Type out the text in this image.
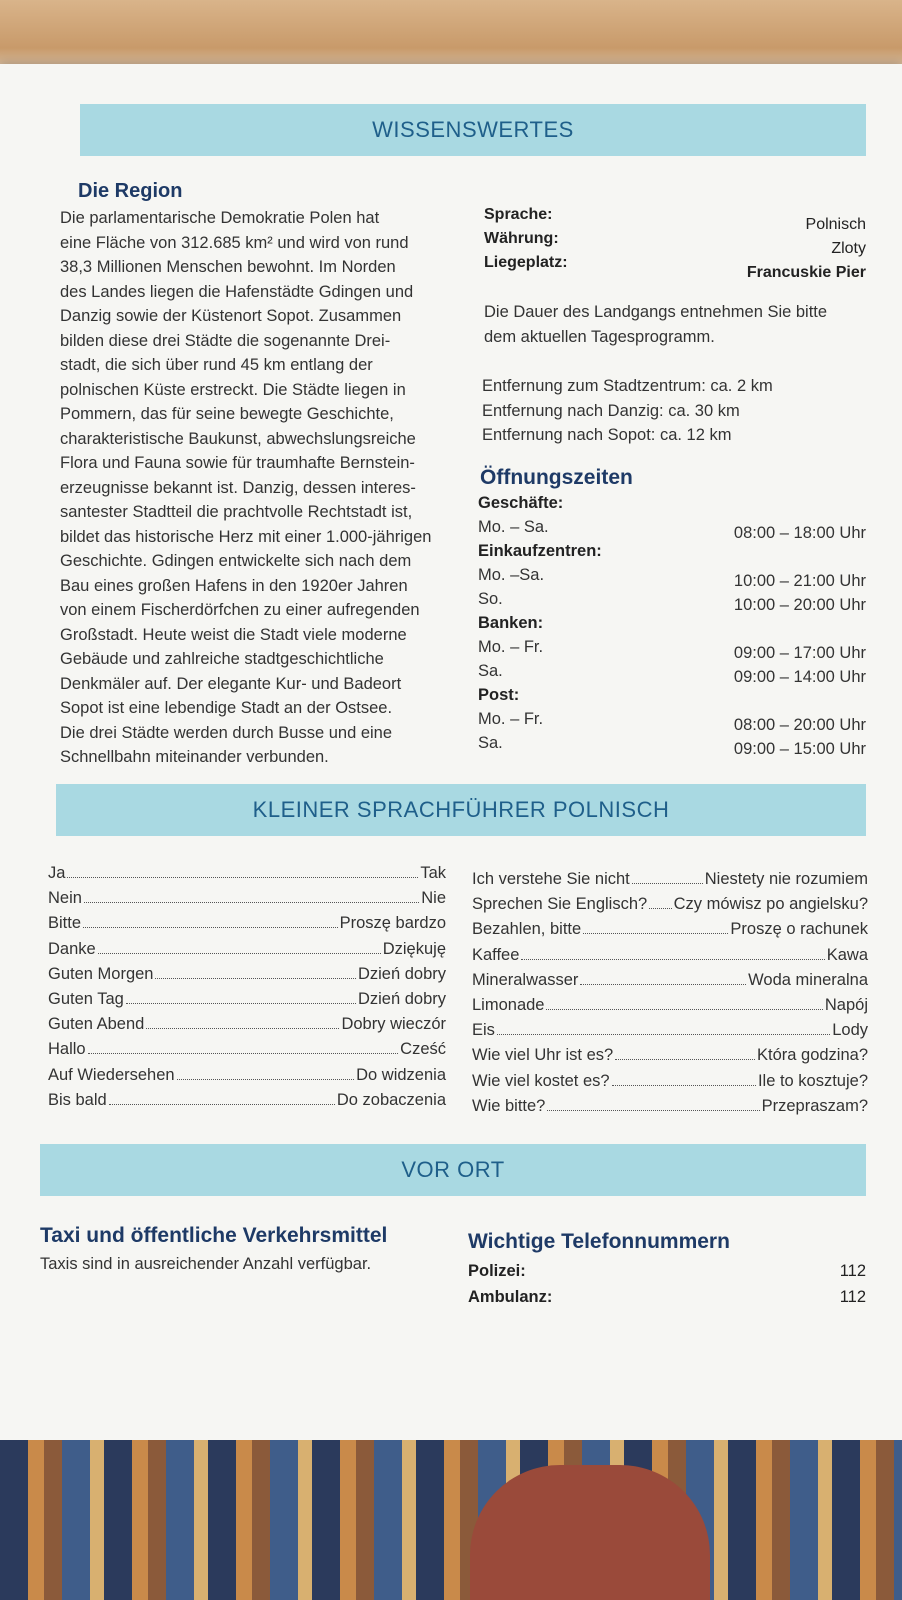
WISSENSWERTES
Die Region
Die parlamentarische Demokratie Polen hat
eine Fläche von 312.685 km² und wird von rund
38,3 Millionen Menschen bewohnt. Im Norden
des Landes liegen die Hafenstädte Gdingen und
Danzig sowie der Küstenort Sopot. Zusammen
bilden diese drei Städte die sogenannte Drei-
stadt, die sich über rund 45 km entlang der
polnischen Küste erstreckt. Die Städte liegen in
Pommern, das für seine bewegte Geschichte,
charakteristische Baukunst, abwechslungsreiche
Flora und Fauna sowie für traumhafte Bernstein-
erzeugnisse bekannt ist. Danzig, dessen interes-
santester Stadtteil die prachtvolle Rechtstadt ist,
bildet das historische Herz mit einer 1.000-jährigen
Geschichte. Gdingen entwickelte sich nach dem
Bau eines großen Hafens in den 1920er Jahren
von einem Fischerdörfchen zu einer aufregenden
Großstadt. Heute weist die Stadt viele moderne
Gebäude und zahlreiche stadtgeschichtliche
Denkmäler auf. Der elegante Kur- und Badeort
Sopot ist eine lebendige Stadt an der Ostsee.
Die drei Städte werden durch Busse und eine
Schnellbahn miteinander verbunden.
Sprache:
Polnisch
Währung:
Zloty
Liegeplatz:
Francuskie Pier
Die Dauer des Landgangs entnehmen Sie bitte
dem aktuellen Tagesprogramm.
Entfernung zum Stadtzentrum: ca. 2 km
Entfernung nach Danzig: ca. 30 km
Entfernung nach Sopot: ca. 12 km
Öffnungszeiten
Geschäfte:
Mo. – Sa.	08:00 – 18:00 Uhr
Einkaufzentren:
Mo. –Sa.	10:00 – 21:00 Uhr
So.	10:00 – 20:00 Uhr
Banken:
Mo. – Fr.	09:00 – 17:00 Uhr
Sa.	09:00 – 14:00 Uhr
Post:
Mo. – Fr.	08:00 – 20:00 Uhr
Sa.	09:00 – 15:00 Uhr
KLEINER SPRACHFÜHRER POLNISCH
Ja	Tak
Nein	Nie
Bitte	Proszę bardzo
Danke	Dziękuję
Guten Morgen	Dzień dobry
Guten Tag	Dzień dobry
Guten Abend	Dobry wieczór
Hallo	Cześć
Auf Wiedersehen	Do widzenia
Bis bald	Do zobaczenia
Ich verstehe Sie nicht	Niestety nie rozumiem
Sprechen Sie Englisch? Czy mówisz po angielsku?
Bezahlen, bitte	Proszę o rachunek
Kaffee	Kawa
Mineralwasser	Woda mineralna
Limonade	Napój
Eis	Lody
Wie viel Uhr ist es?	Która godzina?
Wie viel kostet es?	Ile to kosztuje?
Wie bitte?	Przepraszam?
VOR ORT
Taxi und öffentliche Verkehrsmittel
Taxis sind in ausreichender Anzahl verfügbar.
Wichtige Telefonnummern
Polizei:	112
Ambulanz:	112
